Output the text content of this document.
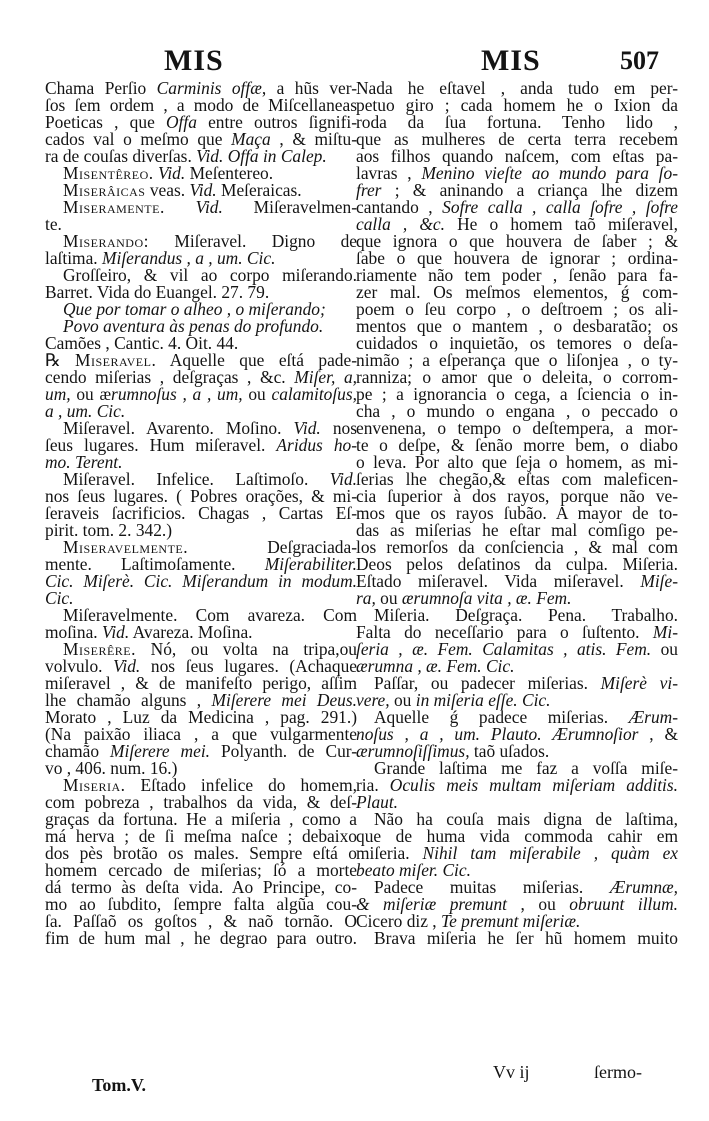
MIS	MIS	507
Chama Perſio Carminis offæ, a hũs ver-
ſos ſem ordem , a modo de Miſcellaneas
Poeticas , que Offa entre outros ſignifi-
cados val o meſmo que Maça , & miſtu-
ra de couſas diverſas. Vid. Offa in Calep.
Misentêreo. Vid. Meſentereo.
Miserâicas veas. Vid. Meſeraicas.
Miseramente. Vid. Miſeravelmen-
te.
Miserando: Miſeravel. Digno de
laſtima. Miſerandus , a , um. Cic.
Groſſeiro, & vil ao corpo miſerando.
Barret. Vida do Euangel. 27. 79.
Que por tomar o alheo , o miſerando;
Povo aventura às penas do profundo.
Camões , Cantic. 4. Oit. 44.
℞ Miseravel. Aquelle que eſtá pade-
cendo miſerias , deſgraças , &c. Miſer, a,
um, ou ærumnoſus , a , um, ou calamitoſus,
a , um. Cic.
Miſeravel. Avarento. Moſino. Vid. nos
ſeus lugares. Hum miſeravel. Aridus ho-
mo. Terent.
Miſeravel. Infelice. Laſtimoſo. Vid.
nos ſeus lugares. ( Pobres orações, & mi-
ſeraveis ſacrificios. Chagas , Cartas Eſ-
pirit. tom. 2. 342.)
Miseravelmente. Deſgraciada-
mente. Laſtimoſamente. Miſerabiliter.
Cic. Miſerè. Cic. Miſerandum in modum.
Cic.
Miſeravelmente. Com avareza. Com
moſina. Vid. Avareza. Moſina.
Miserêre. Nó, ou volta na tripa,ou
volvulo. Vid. nos ſeus lugares. (Achaque
miſeravel , & de manifeſto perigo, aſſim
lhe chamão alguns , Miſerere mei Deus.
Morato , Luz da Medicina , pag. 291.)
(Na paixão iliaca , a que vulgarmente
chamão Miſerere mei. Polyanth. de Cur-
vo , 406. num. 16.)
Miseria. Eſtado infelice do homem,
com pobreza , trabalhos da vida, & deſ-
graças da fortuna. He a miſeria , como a
má herva ; de ſi meſma naſce ; debaixo
dos pès brotão os males. Sempre eſtá o
homem cercado de miſerias; ſó a morte
dá termo às deſta vida. Ao Principe, co-
mo ao ſubdito, ſempre falta algũa cou-
ſa. Paſſaõ os goſtos , & naõ tornão. O
fim de hum mal , he degrao para outro.
Nada he eſtavel , anda tudo em per-
petuo giro ; cada homem he o Ixion da
roda da ſua fortuna. Tenho lido ,
que as mulheres de certa terra recebem
aos filhos quando naſcem, com eſtas pa-
lavras , Menino vieſte ao mundo para ſo-
frer ; & aninando a criança lhe dizem
cantando , Sofre calla , calla ſofre , ſofre
calla , &c. He o homem taõ miſeravel,
que ignora o que houvera de ſaber ; &
ſabe o que houvera de ignorar ; ordina-
riamente não tem poder , ſenão para fa-
zer mal. Os meſmos elementos, ǵ com-
poem o ſeu corpo , o deſtroem ; os ali-
mentos que o mantem , o desbaratão; os
cuidados o inquietão, os temores o deſa-
nimão ; a eſperança que o liſonjea , o ty-
ranniza; o amor que o deleita, o corrom-
pe ; a ignorancia o cega, a ſciencia o in-
cha , o mundo o engana , o peccado o
envenena, o tempo o deſtempera, a mor-
te o deſpe, & ſenão morre bem, o diabo
o leva. Por alto que ſeja o homem, as mi-
ſerias lhe chegão,& eſtas com maleficen-
cia ſuperior à dos rayos, porque não ve-
mos que os rayos ſubão. A mayor de to-
das as miſerias he eſtar mal comſigo pe-
los remorſos da conſciencia , & mal com
Deos pelos deſatinos da culpa. Miſeria.
Eſtado miſeravel. Vida miſeravel. Miſe-
ra, ou ærumnoſa vita , æ. Fem.
Miſeria. Deſgraça. Pena. Trabalho.
Falta do neceſſario para o ſuſtento. Mi-
ſeria , æ. Fem. Calamitas , atis. Fem. ou
ærumna , æ. Fem. Cic.
Paſſar, ou padecer miſerias. Miſerè vi-
vere, ou in miſeria eſſe. Cic.
Aquelle ǵ padece miſerias. Ærum-
noſus , a , um. Plauto. Ærumnoſior , &
ærumnoſiſſimus, taõ uſados.
Grande laſtima me faz a voſſa miſe-
ria. Oculis meis multam miſeriam additis.
Plaut.
Não ha couſa mais digna de laſtima,
que de huma vida commoda cahir em
miſeria. Nihil tam miſerabile , quàm ex
beato miſer. Cic.
Padece muitas miſerias. Ærumnæ,
& miſeriæ premunt , ou obruunt illum.
Cicero diz , Te premunt miſeriæ.
Brava miſeria he ſer hũ homem muito
Tom.V.
Vv ij	ſermo-
